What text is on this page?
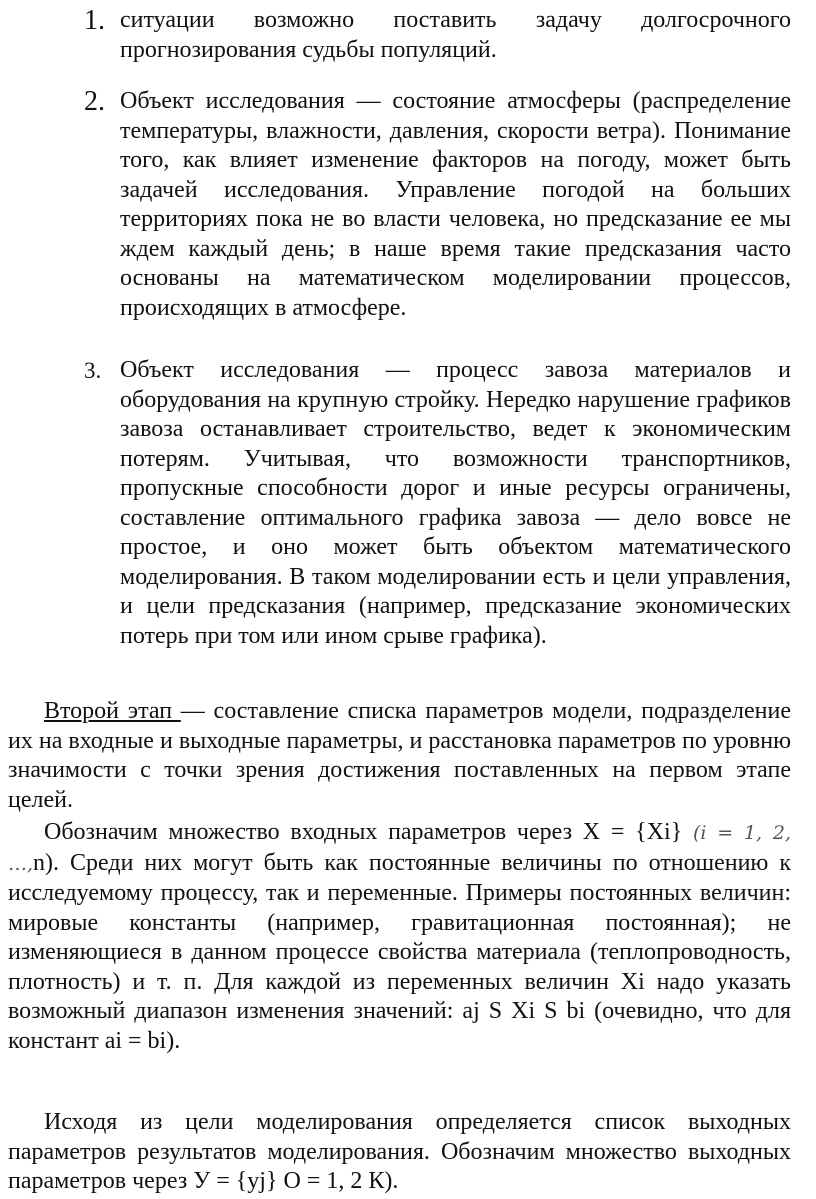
1. ситуации возможно поставить задачу долгосрочного прогнозирования судьбы популяций.
2. Объект исследования — состояние атмосферы (распределение температуры, влажности, давления, скорости ветра). Понимание того, как влияет изменение факторов на погоду, может быть задачей исследования. Управление погодой на больших территориях пока не во власти человека, но предсказание ее мы ждем каждый день; в наше время такие предсказания часто основаны на математическом моделировании процессов, происходящих в атмосфере.
3. Объект исследования — процесс завоза материалов и оборудования на крупную стройку. Нередко нарушение графиков завоза останавливает строительство, ведет к экономическим потерям. Учитывая, что возможности транспортников, пропускные способности дорог и иные ресурсы ограничены, составление оптимального графика завоза — дело вовсе не простое, и оно может быть объектом математического моделирования. В таком моделировании есть и цели управления, и цели предсказания (например, предсказание экономических потерь при том или ином срыве графика).
Второй этап — составление списка параметров модели, подразделение их на входные и выходные параметры, и расстановка параметров по уровню значимости с точки зрения достижения поставленных на первом этапе целей.
Обозначим множество входных параметров через Х = {Xi} (i = 1, 2, …,n). Среди них могут быть как постоянные величины по отношению к исследуемому процессу, так и переменные. Примеры постоянных величин: мировые константы (например, гравитационная постоянная); не изменяющиеся в данном процессе свойства материала (теплопроводность, плотность) и т. п. Для каждой из переменных величин Xi надо указать возможный диапазон изменения значений: aj S Xi S bi (очевидно, что для констант ai = bi).
Исходя из цели моделирования определяется список выходных параметров результатов моделирования. Обозначим множество выходных параметров через У = {yj} О = 1, 2 К).
